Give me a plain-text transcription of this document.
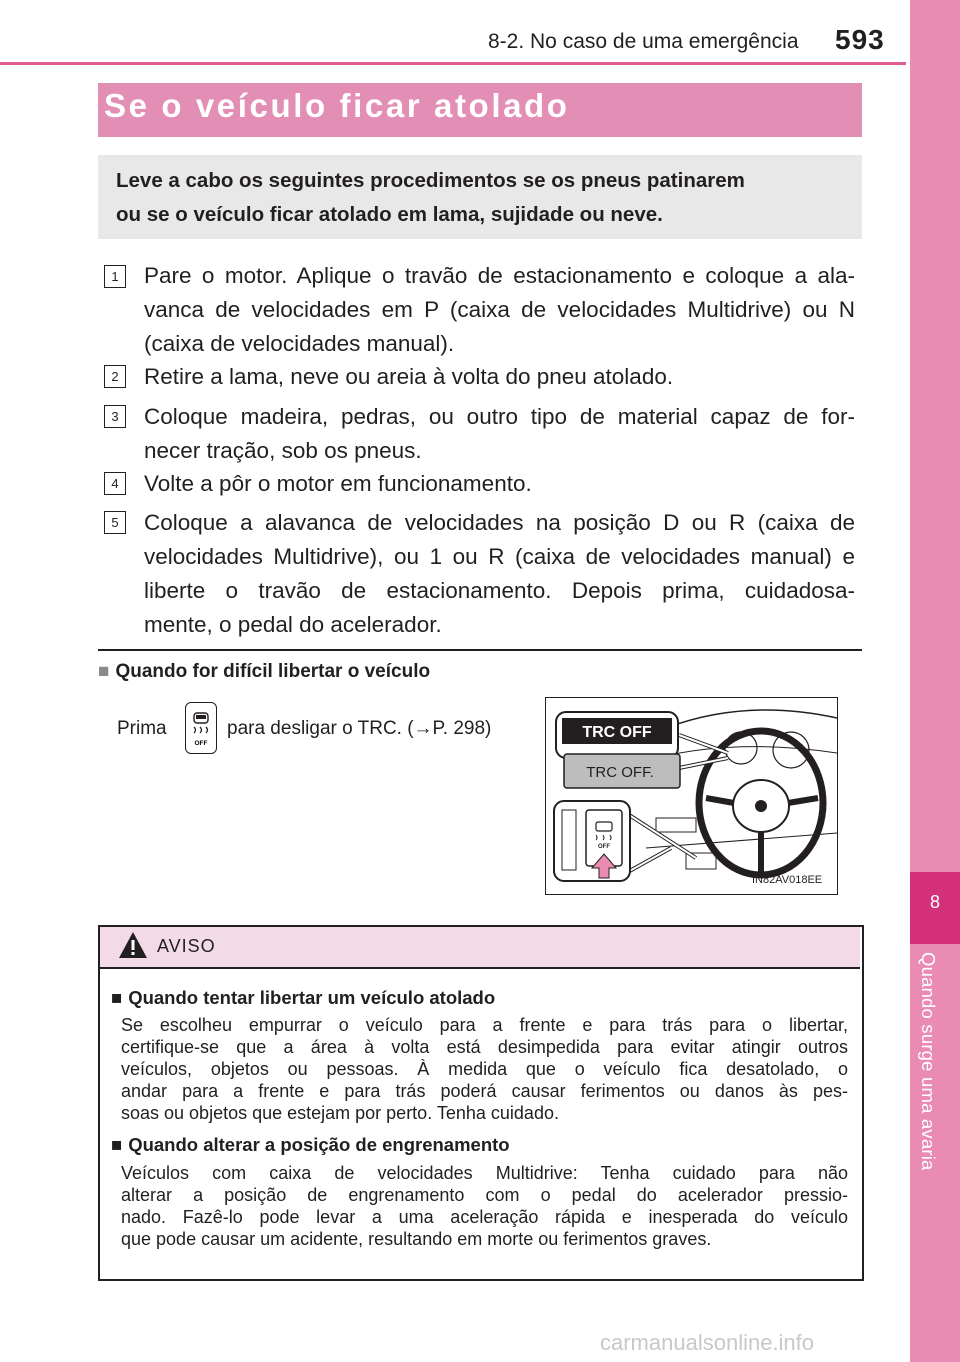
8-2. No caso de uma emergência 593
8
Quando surge uma avaria
Se o veículo ficar atolado
Leve a cabo os seguintes procedimentos se os pneus patinarem
ou se o veículo ficar atolado em lama, sujidade ou neve.
1	Pare o motor. Aplique o travão de estacionamento e coloque a ala-
vanca de velocidades em P (caixa de velocidades Multidrive) ou N
(caixa de velocidades manual).
2	Retire a lama, neve ou areia à volta do pneu atolado.
3	Coloque madeira, pedras, ou outro tipo de material capaz de for-
necer tração, sob os pneus.
4	Volte a pôr o motor em funcionamento.
5	Coloque a alavanca de velocidades na posição D ou R (caixa de
velocidades Multidrive), ou 1 ou R (caixa de velocidades manual) e
liberte o travão de estacionamento. Depois prima, cuidadosa-
mente, o pedal do acelerador.
■ Quando for difícil libertar o veículo
Prima
OFF
para desligar o TRC. (→P. 298)	TRC OFF
TRC OFF.
OFF
IN82AV018EE
AVISO
■ Quando tentar libertar um veículo atolado
Se escolheu empurrar o veículo para a frente e para trás para o libertar,
certifique-se que a área à volta está desimpedida para evitar atingir outros
veículos, objetos ou pessoas. À medida que o veículo fica desatolado, o
andar para a frente e para trás poderá causar ferimentos ou danos às pes-
soas ou objetos que estejam por perto. Tenha cuidado.
■ Quando alterar a posição de engrenamento
Veículos com caixa de velocidades Multidrive: Tenha cuidado para não
alterar a posição de engrenamento com o pedal do acelerador pressio-
nado. Fazê-lo pode levar a uma aceleração rápida e inesperada do veículo
que pode causar um acidente, resultando em morte ou ferimentos graves.
carmanualsonline.info
